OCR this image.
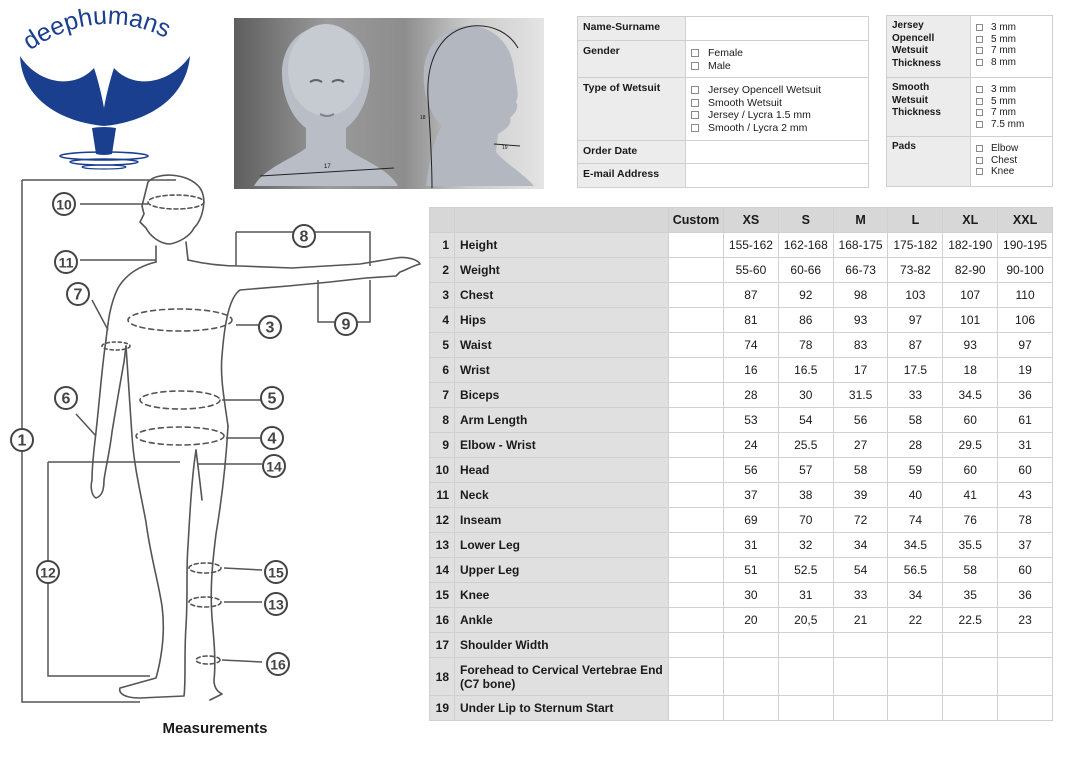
deephumans
17
18
19
Name-Surname	
Gender	Female
Male

Type of Wetsuit	Jersey Opencell Wetsuit
Smooth Wetsuit
Jersey / Lycra 1.5 mm
Smooth / Lycra 2 mm

Order Date	
E-mail Address	
Jersey Opencell Wetsuit Thickness	3 mm
5 mm
7 mm
8 mm

Smooth Wetsuit Thickness	3 mm
5 mm
7 mm
7.5 mm

Pads	Elbow
Chest
Knee
		Custom	XS	S	M	L	XL	XXL
1	Height		155-162	162-168	168-175	175-182	182-190	190-195
2	Weight		55-60	60-66	66-73	73-82	82-90	90-100
3	Chest		87	92	98	103	107	110
4	Hips		81	86	93	97	101	106
5	Waist		74	78	83	87	93	97
6	Wrist		16	16.5	17	17.5	18	19
7	Biceps		28	30	31.5	33	34.5	36
8	Arm Length		53	54	56	58	60	61
9	Elbow - Wrist		24	25.5	27	28	29.5	31
10	Head		56	57	58	59	60	60
11	Neck		37	38	39	40	41	43
12	Inseam		69	70	72	74	76	78
13	Lower Leg		31	32	34	34.5	35.5	37
14	Upper Leg		51	52.5	54	56.5	58	60
15	Knee		30	31	33	34	35	36
16	Ankle		20	20,5	21	22	22.5	23
17	Shoulder Width							
18	Forehead to Cervical Vertebrae End (C7 bone)							
19	Under Lip to Sternum Start							
1
3
4
5
6
7
8
9
10
11
12
13
14
15
16
Measurements
